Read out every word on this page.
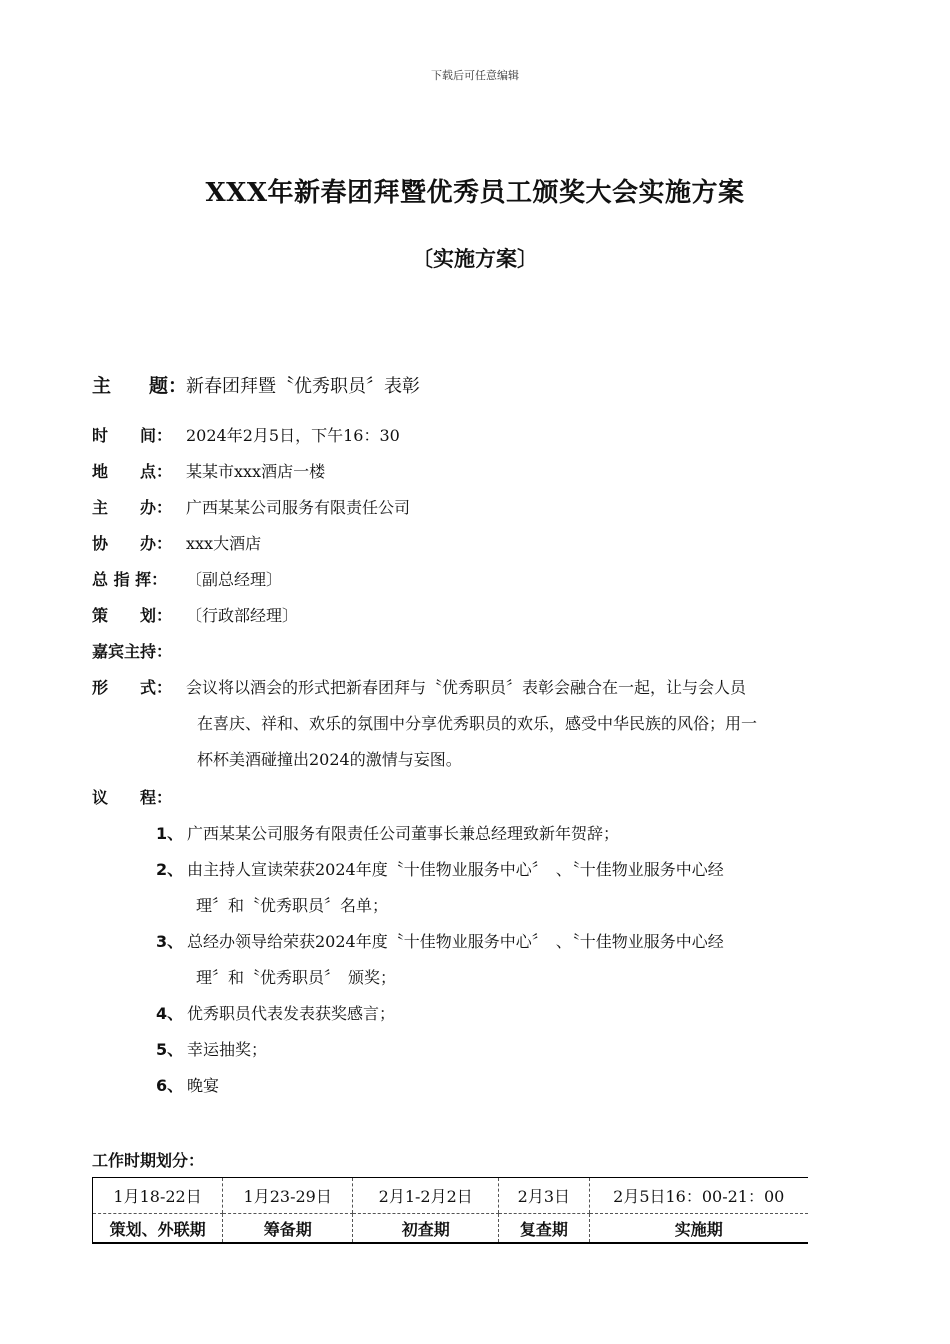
下载后可任意编辑
XXX年新春团拜暨优秀员工颁奖大会实施方案
〔实施方案〕
主　　题：新春团拜暨〝优秀职员〞表彰
时　　间： 2024年2月5日，下午16：30
地　　点： 某某市xxx酒店一楼
主　　办： 广西某某公司服务有限责任公司
协　　办： xxx大酒店
总 指 挥： 〔副总经理〕
策　　划： 〔行政部经理〕
嘉宾主持：
形　　式： 会议将以酒会的形式把新春团拜与〝优秀职员〞表彰会融合在一起，让与会人员
在喜庆、祥和、欢乐的氛围中分享优秀职员的欢乐，感受中华民族的风俗；用一
杯杯美酒碰撞出2024的激情与妄图。
议　　程：
1、 广西某某公司服务有限责任公司董事长兼总经理致新年贺辞；
2、 由主持人宣读荣获2024年度〝十佳物业服务中心〞　、〝十佳物业服务中心经
理〞和〝优秀职员〞名单；
3、 总经办领导给荣获2024年度〝十佳物业服务中心〞　、〝十佳物业服务中心经
理〞和〝优秀职员〞　颁奖；
4、 优秀职员代表发表获奖感言；
5、 幸运抽奖；
6、 晚宴
工作时期划分：
1月18-22日	1月23-29日	2月1-2月2日	2月3日	2月5日16：00-21：00
策划、外联期	筹备期	初查期	复查期	实施期
